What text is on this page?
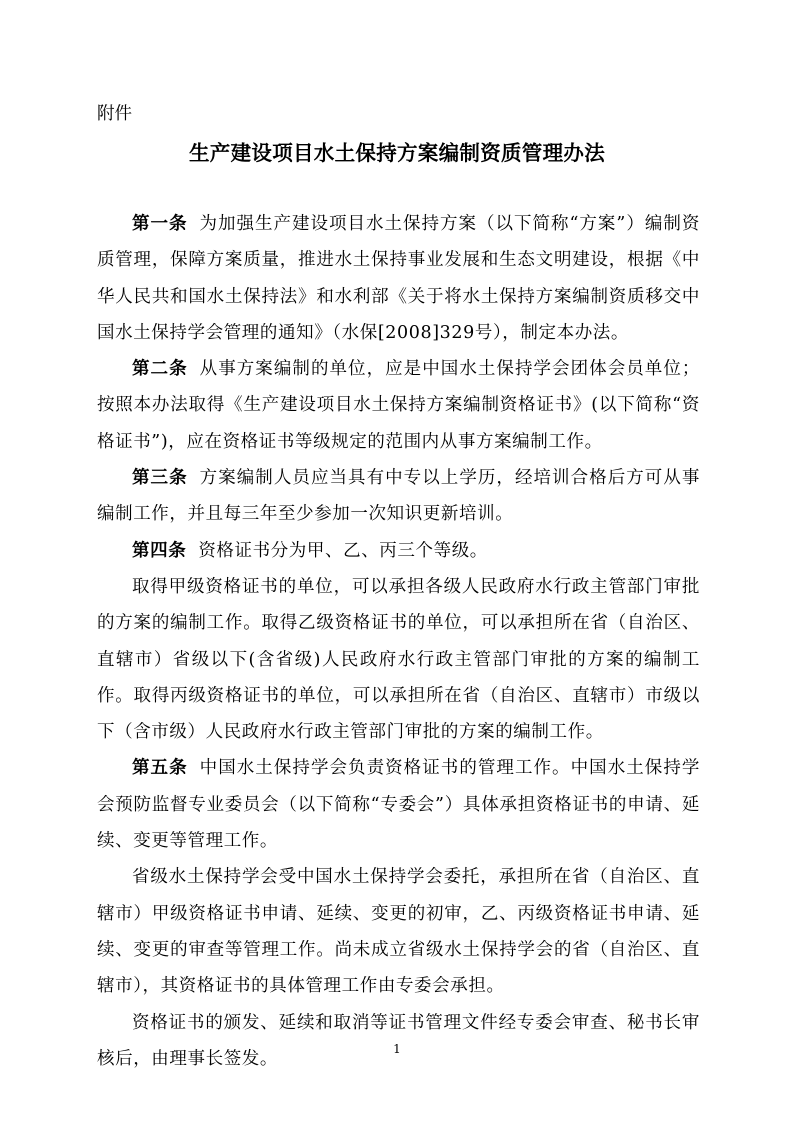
附件
生产建设项目水土保持方案编制资质管理办法

第一条 为加强生产建设项目水土保持方案（以下简称“方案”）编制资质管理，保障方案质量，推进水土保持事业发展和生态文明建设，根据《中华人民共和国水土保持法》和水利部《关于将水土保持方案编制资质移交中国水土保持学会管理的通知》（水保[2008]329号），制定本办法。

第二条 从事方案编制的单位，应是中国水土保持学会团体会员单位；按照本办法取得《生产建设项目水土保持方案编制资格证书》(以下简称“资格证书”)，应在资格证书等级规定的范围内从事方案编制工作。

第三条 方案编制人员应当具有中专以上学历，经培训合格后方可从事编制工作，并且每三年至少参加一次知识更新培训。

第四条 资格证书分为甲、乙、丙三个等级。

取得甲级资格证书的单位，可以承担各级人民政府水行政主管部门审批的方案的编制工作。取得乙级资格证书的单位，可以承担所在省（自治区、直辖市）省级以下(含省级)人民政府水行政主管部门审批的方案的编制工作。取得丙级资格证书的单位，可以承担所在省（自治区、直辖市）市级以下（含市级）人民政府水行政主管部门审批的方案的编制工作。

第五条 中国水土保持学会负责资格证书的管理工作。中国水土保持学会预防监督专业委员会（以下简称“专委会”）具体承担资格证书的申请、延续、变更等管理工作。

省级水土保持学会受中国水土保持学会委托，承担所在省（自治区、直辖市）甲级资格证书申请、延续、变更的初审，乙、丙级资格证书申请、延续、变更的审查等管理工作。尚未成立省级水土保持学会的省（自治区、直辖市），其资格证书的具体管理工作由专委会承担。

资格证书的颁发、延续和取消等证书管理文件经专委会审查、秘书长审核后，由理事长签发。	1
